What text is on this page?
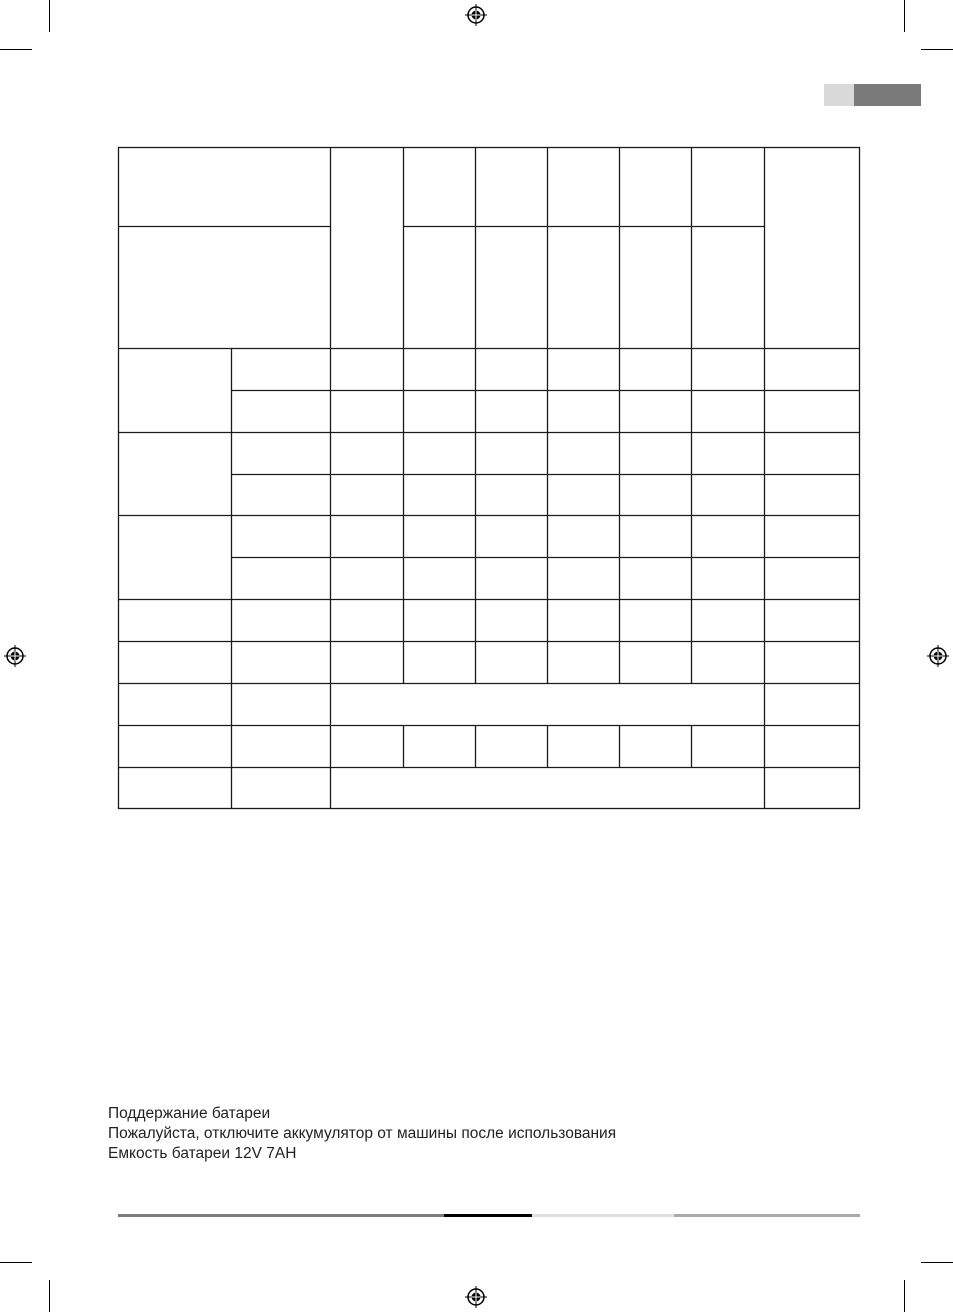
Поддержание батареи
Пожалуйста, отключите аккумулятор от машины после использования
Емкость батареи 12V 7AH
